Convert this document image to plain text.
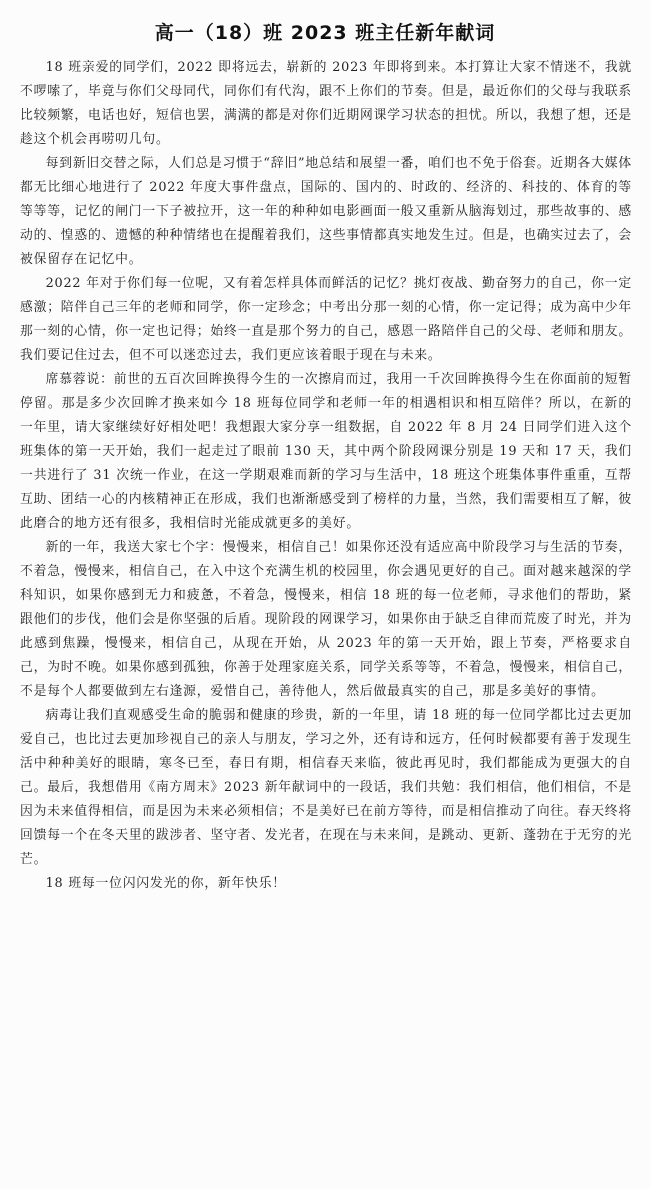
高一（18）班 2023 班主任新年献词

18 班亲爱的同学们，2022 即将远去，崭新的 2023 年即将到来。本打算让大家不情迷不，我就不啰嗦了，毕竟与你们父母同代，同你们有代沟，跟不上你们的节奏。但是，最近你们的父母与我联系比较频繁，电话也好，短信也罢，满满的都是对你们近期网课学习状态的担忧。所以，我想了想，还是趁这个机会再唠叨几句。

每到新旧交替之际，人们总是习惯于“辞旧”地总结和展望一番，咱们也不免于俗套。近期各大媒体都无比细心地进行了 2022 年度大事件盘点，国际的、国内的、时政的、经济的、科技的、体育的等等等等，记忆的闸门一下子被拉开，这一年的种种如电影画面一般又重新从脑海划过，那些故事的、感动的、惶惑的、遗憾的种种情绪也在提醒着我们，这些事情都真实地发生过。但是，也确实过去了，会被保留存在记忆中。

2022 年对于你们每一位呢，又有着怎样具体而鲜活的记忆？挑灯夜战、勤奋努力的自己，你一定感激；陪伴自己三年的老师和同学，你一定珍念；中考出分那一刻的心情，你一定记得；成为高中少年那一刻的心情，你一定也记得；始终一直是那个努力的自己，感恩一路陪伴自己的父母、老师和朋友。我们要记住过去，但不可以迷恋过去，我们更应该着眼于现在与未来。

席慕蓉说：前世的五百次回眸换得今生的一次擦肩而过，我用一千次回眸换得今生在你面前的短暂停留。那是多少次回眸才换来如今 18 班每位同学和老师一年的相遇相识和相互陪伴？所以，在新的一年里，请大家继续好好相处吧！我想跟大家分享一组数据，自 2022 年 8 月 24 日同学们进入这个班集体的第一天开始，我们一起走过了眼前 130 天，其中两个阶段网课分别是 19 天和 17 天，我们一共进行了 31 次统一作业，在这一学期艰难而新的学习与生活中，18 班这个班集体事件重重，互帮互助、团结一心的内核精神正在形成，我们也渐渐感受到了榜样的力量，当然，我们需要相互了解，彼此磨合的地方还有很多，我相信时光能成就更多的美好。

新的一年，我送大家七个字：慢慢来，相信自己！如果你还没有适应高中阶段学习与生活的节奏，不着急，慢慢来，相信自己，在入中这个充满生机的校园里，你会遇见更好的自己。面对越来越深的学科知识，如果你感到无力和疲惫，不着急，慢慢来，相信 18 班的每一位老师，寻求他们的帮助，紧跟他们的步伐，他们会是你坚强的后盾。现阶段的网课学习，如果你由于缺乏自律而荒废了时光，并为此感到焦躁，慢慢来，相信自己，从现在开始，从 2023 年的第一天开始，跟上节奏，严格要求自己，为时不晚。如果你感到孤独，你善于处理家庭关系，同学关系等等，不着急，慢慢来，相信自己，不是每个人都要做到左右逢源，爱惜自己，善待他人，然后做最真实的自己，那是多美好的事情。

病毒让我们直观感受生命的脆弱和健康的珍贵，新的一年里，请 18 班的每一位同学都比过去更加爱自己，也比过去更加珍视自己的亲人与朋友，学习之外，还有诗和远方，任何时候都要有善于发现生活中种种美好的眼睛，寒冬已至，春日有期，相信春天来临，彼此再见时，我们都能成为更强大的自己。最后，我想借用《南方周末》2023 新年献词中的一段话，我们共勉：我们相信，他们相信，不是因为未来值得相信，而是因为未来必须相信；不是美好已在前方等待，而是相信推动了向往。春天终将回馈每一个在冬天里的跋涉者、坚守者、发光者，在现在与未来间，是跳动、更新、蓬勃在于无穷的光芒。

18 班每一位闪闪发光的你，新年快乐！
